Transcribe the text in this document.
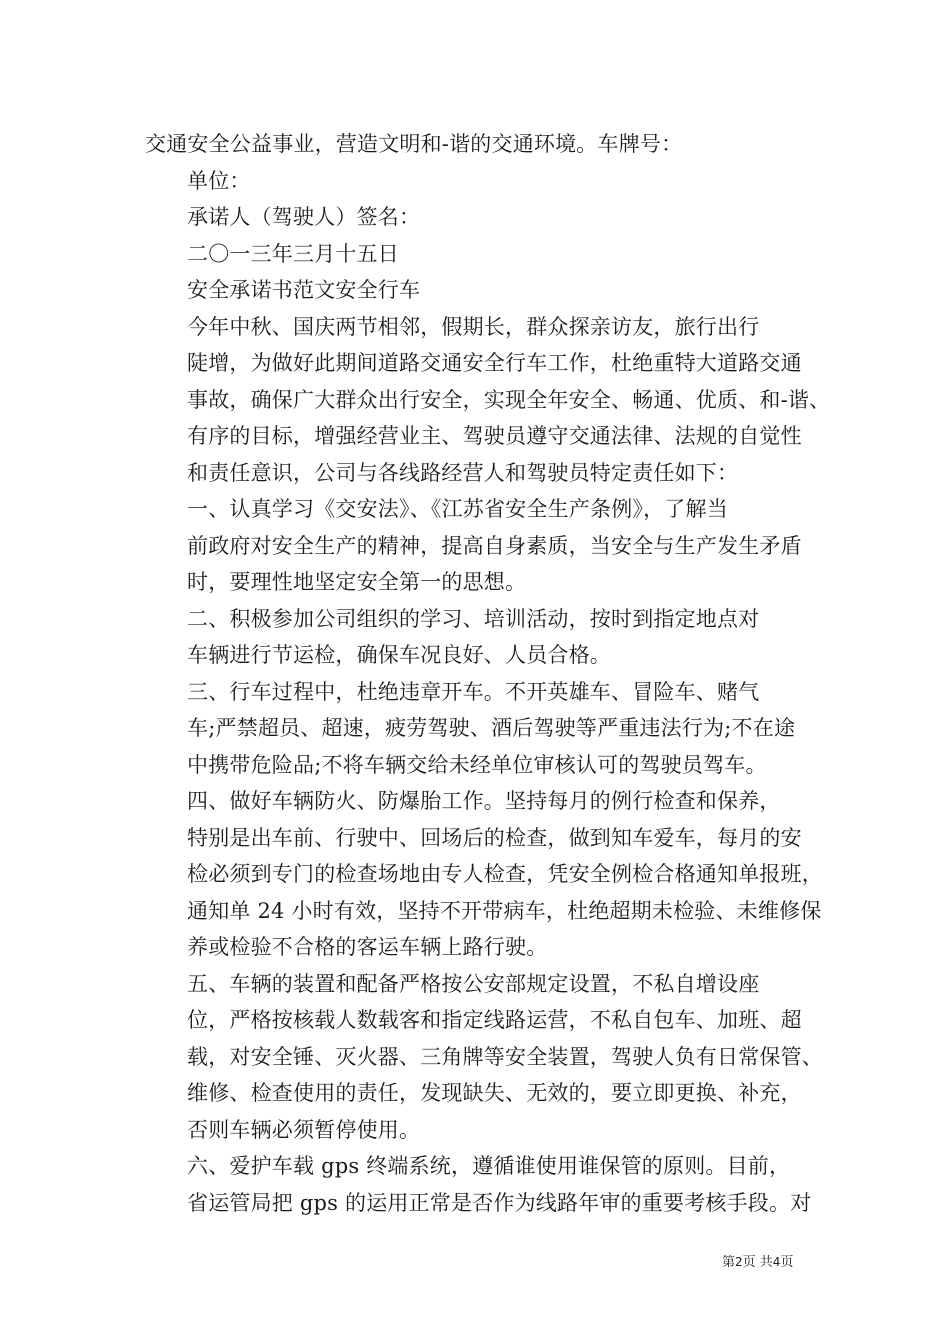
交通安全公益事业，营造文明和-谐的交通环境。车牌号：

单位：

承诺人（驾驶人）签名：

二〇一三年三月十五日

安全承诺书范文安全行车

今年中秋、国庆两节相邻，假期长，群众探亲访友，旅行出行
陡增，为做好此期间道路交通安全行车工作，杜绝重特大道路交通
事故，确保广大群众出行安全，实现全年安全、畅通、优质、和-谐、
有序的目标，增强经营业主、驾驶员遵守交通法律、法规的自觉性
和责任意识，公司与各线路经营人和驾驶员特定责任如下：

一、认真学习《交安法》、《江苏省安全生产条例》，了解当
前政府对安全生产的精神，提高自身素质，当安全与生产发生矛盾
时，要理性地坚定安全第一的思想。

二、积极参加公司组织的学习、培训活动，按时到指定地点对
车辆进行节运检，确保车况良好、人员合格。

三、行车过程中，杜绝违章开车。不开英雄车、冒险车、赌气
车;严禁超员、超速，疲劳驾驶、酒后驾驶等严重违法行为;不在途
中携带危险品;不将车辆交给未经单位审核认可的驾驶员驾车。

四、做好车辆防火、防爆胎工作。坚持每月的例行检查和保养，
特别是出车前、行驶中、回场后的检查，做到知车爱车，每月的安
检必须到专门的检查场地由专人检查，凭安全例检合格通知单报班，
通知单 24 小时有效，坚持不开带病车，杜绝超期未检验、未维修保
养或检验不合格的客运车辆上路行驶。

五、车辆的装置和配备严格按公安部规定设置，不私自增设座
位，严格按核载人数载客和指定线路运营，不私自包车、加班、超
载，对安全锤、灭火器、三角牌等安全装置，驾驶人负有日常保管、
维修、检查使用的责任，发现缺失、无效的，要立即更换、补充，
否则车辆必须暂停使用。

六、爱护车载 gps 终端系统，遵循谁使用谁保管的原则。目前，
省运管局把 gps 的运用正常是否作为线路年审的重要考核手段。对

第2页 共4页
